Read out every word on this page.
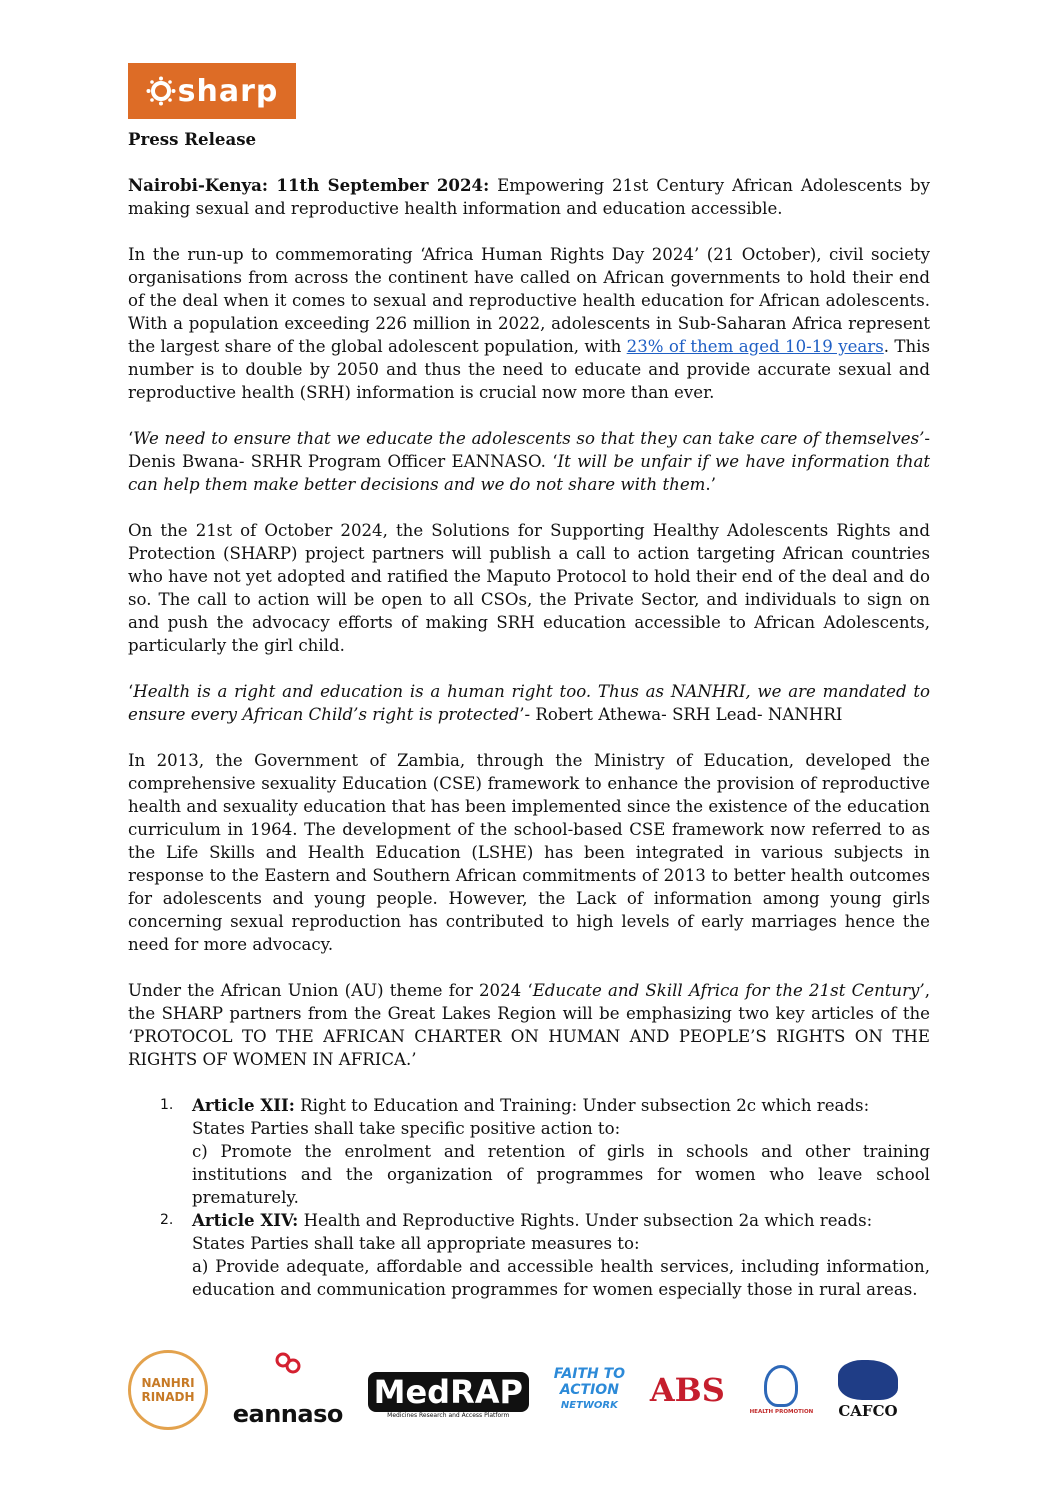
sharp

Press Release

Nairobi-Kenya: 11th September 2024: Empowering 21st Century African Adolescents by making sexual and reproductive health information and education accessible.

In the run-up to commemorating ‘Africa Human Rights Day 2024’ (21 October), civil society organisations from across the continent have called on African governments to hold their end of the deal when it comes to sexual and reproductive health education for African adolescents. With a population exceeding 226 million in 2022, adolescents in Sub-Saharan Africa represent the largest share of the global adolescent population, with 23% of them aged 10-19 years. This number is to double by 2050 and thus the need to educate and provide accurate sexual and reproductive health (SRH) information is crucial now more than ever.

‘We need to ensure that we educate the adolescents so that they can take care of themselves’- Denis Bwana- SRHR Program Officer EANNASO. ‘It will be unfair if we have information that can help them make better decisions and we do not share with them.’

On the 21st of October 2024, the Solutions for Supporting Healthy Adolescents Rights and Protection (SHARP) project partners will publish a call to action targeting African countries who have not yet adopted and ratified the Maputo Protocol to hold their end of the deal and do so. The call to action will be open to all CSOs, the Private Sector, and individuals to sign on and push the advocacy efforts of making SRH education accessible to African Adolescents, particularly the girl child.

‘Health is a right and education is a human right too. Thus as NANHRI, we are mandated to ensure every African Child’s right is protected’- Robert Athewa- SRH Lead- NANHRI

In 2013, the Government of Zambia, through the Ministry of Education, developed the comprehensive sexuality Education (CSE) framework to enhance the provision of reproductive health and sexuality education that has been implemented since the existence of the education curriculum in 1964. The development of the school-based CSE framework now referred to as the Life Skills and Health Education (LSHE) has been integrated in various subjects in response to the Eastern and Southern African commitments of 2013 to better health outcomes for adolescents and young people. However, the Lack of information among young girls concerning sexual reproduction has contributed to high levels of early marriages hence the need for more advocacy.

Under the African Union (AU) theme for 2024 ‘Educate and Skill Africa for the 21st Century’, the SHARP partners from the Great Lakes Region will be emphasizing two key articles of the ‘PROTOCOL TO THE AFRICAN CHARTER ON HUMAN AND PEOPLE’S RIGHTS ON THE RIGHTS OF WOMEN IN AFRICA.’

1. Article XII: Right to Education and Training: Under subsection 2c which reads:
States Parties shall take specific positive action to:
c) Promote the enrolment and retention of girls in schools and other training institutions and the organization of programmes for women who leave school prematurely.
2. Article XIV: Health and Reproductive Rights. Under subsection 2a which reads:
States Parties shall take all appropriate measures to:
a) Provide adequate, affordable and accessible health services, including information, education and communication programmes for women especially those in rural areas.
NANHRI
RINADH
eannaso
MedRAP
Medicines Research and Access Platform
FAITH TO
ACTION
NETWORK ABS
HEALTH PROMOTION CAFCO
